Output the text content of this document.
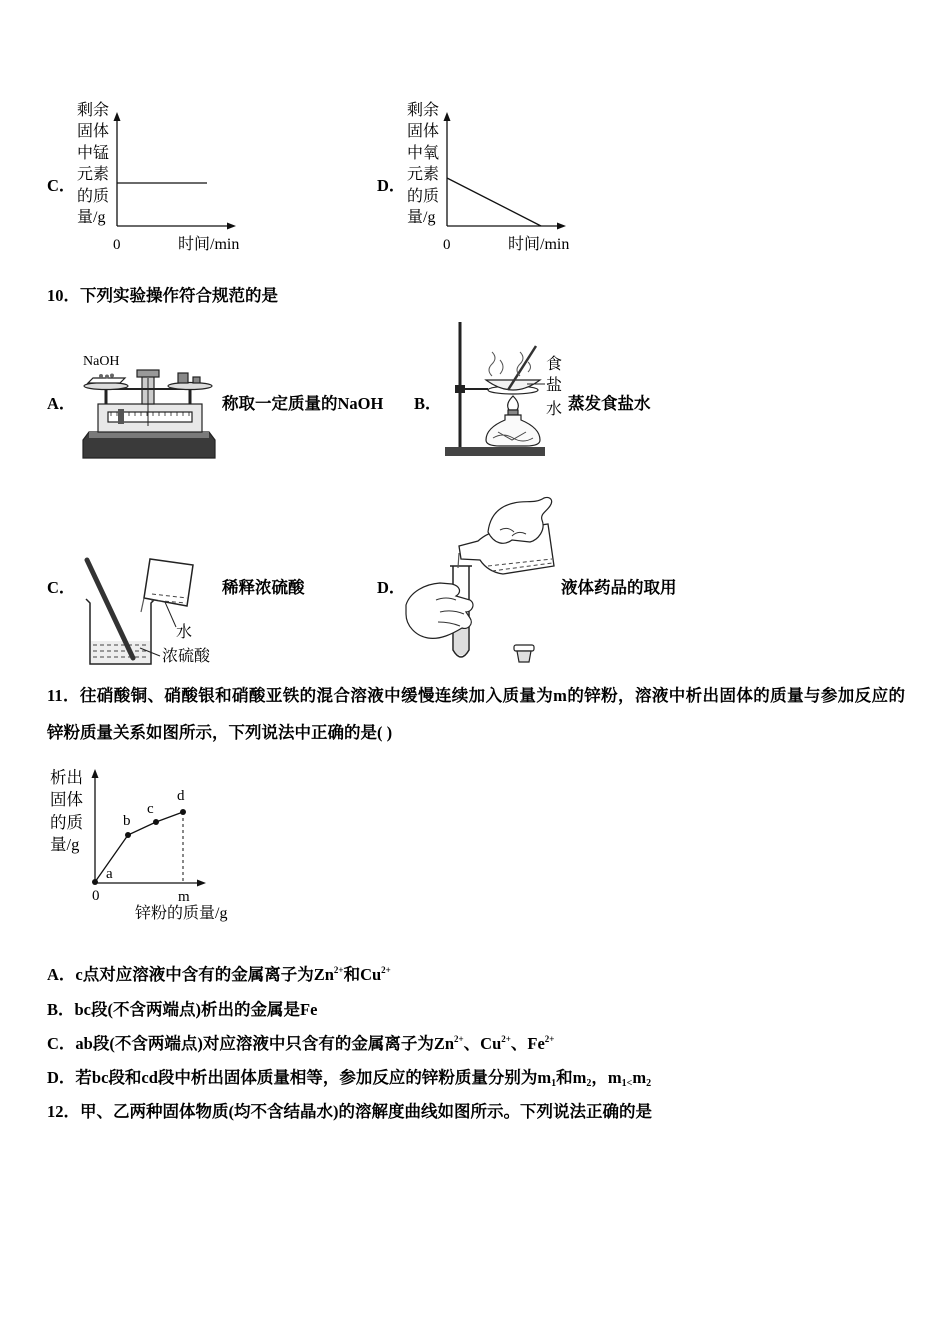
C．
剩余
固体
中锰
元素
的质
量/g
0	时间/min
D．
剩余
固体
中氧
元素
的质
量/g
0	时间/min
10．下列实验操作符合规范的是
A．
NaOH
称取一定质量的NaOH B．
食
盐
水 蒸发食盐水
C．
水
浓硫酸
稀释浓硫酸	D．	液体药品的取用
11．往硝酸铜、硝酸银和硝酸亚铁的混合溶液中缓慢连续加入质量为m的锌粉，溶液中析出固体的质量与参加反应的
锌粉质量关系如图所示，下列说法中正确的是( )
析出
固体
的质
量/g
a
b
c
d
0	m
锌粉的质量/g
A．c点对应溶液中含有的金属离子为$Zn^{2+}$和$Cu^{2+}$
B．bc段(不含两端点)析出的金属是Fe
C．ab段(不含两端点)对应溶液中只含有的金属离子为$Zn^{2+}$、$Cu^{2+}$、$Fe^{2+}$
D．若bc段和cd段中析出固体质量相等，参加反应的锌粉质量分别为m1和m2，m1<m2
12．甲、乙两种固体物质(均不含结晶水)的溶解度曲线如图所示。下列说法正确的是
